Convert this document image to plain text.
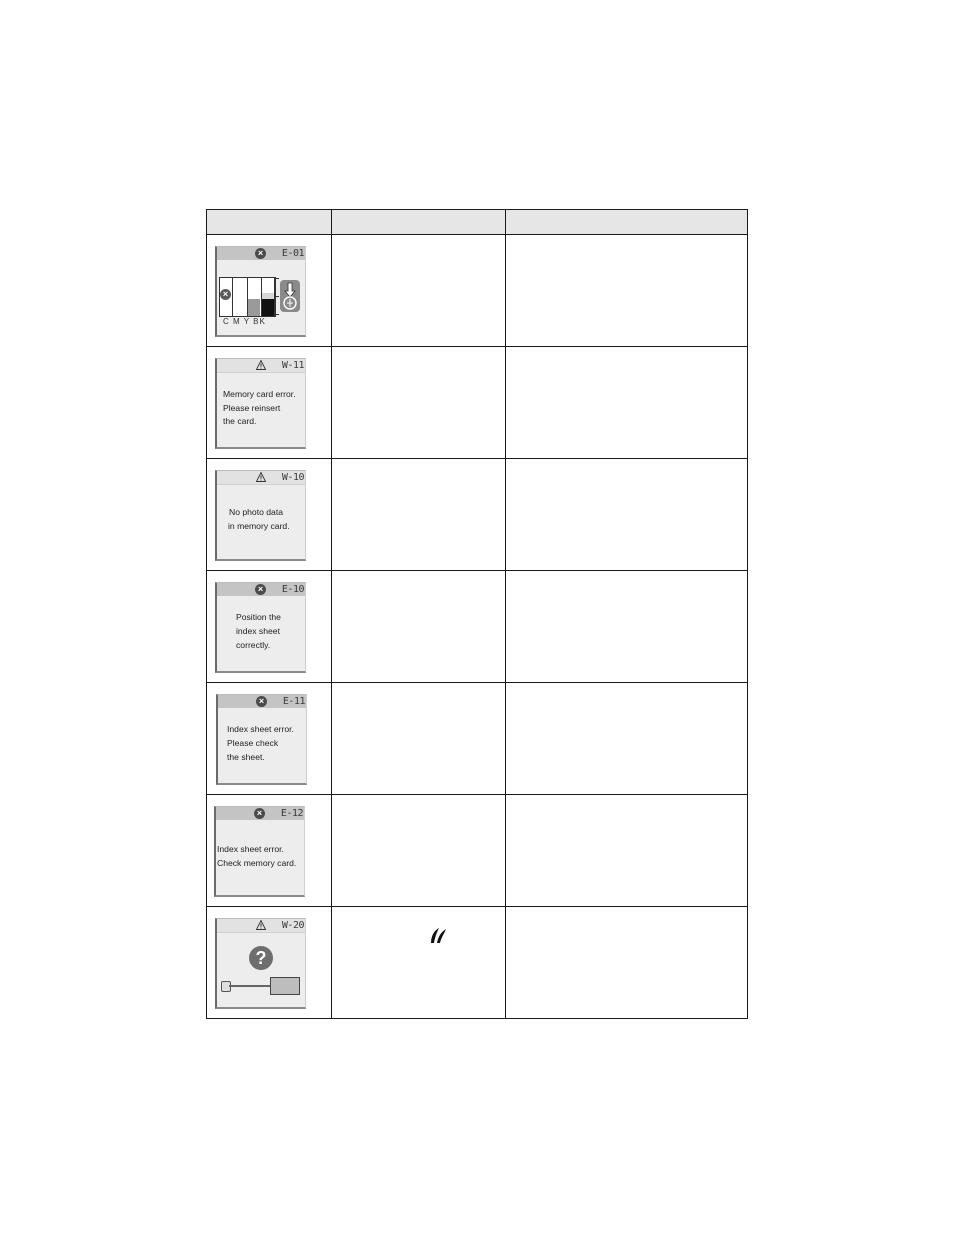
× E-01
×
C M Y BK		

W-11
Memory card error.
Please reinsert
the card.		

W-10
No photo data
in memory card.		

× E-10
Position the
index sheet
correctly.		

× E-11
Index sheet error.
Please check
the sheet.		

× E-12
Index sheet error.
Check memory card.		

W-20
?		
